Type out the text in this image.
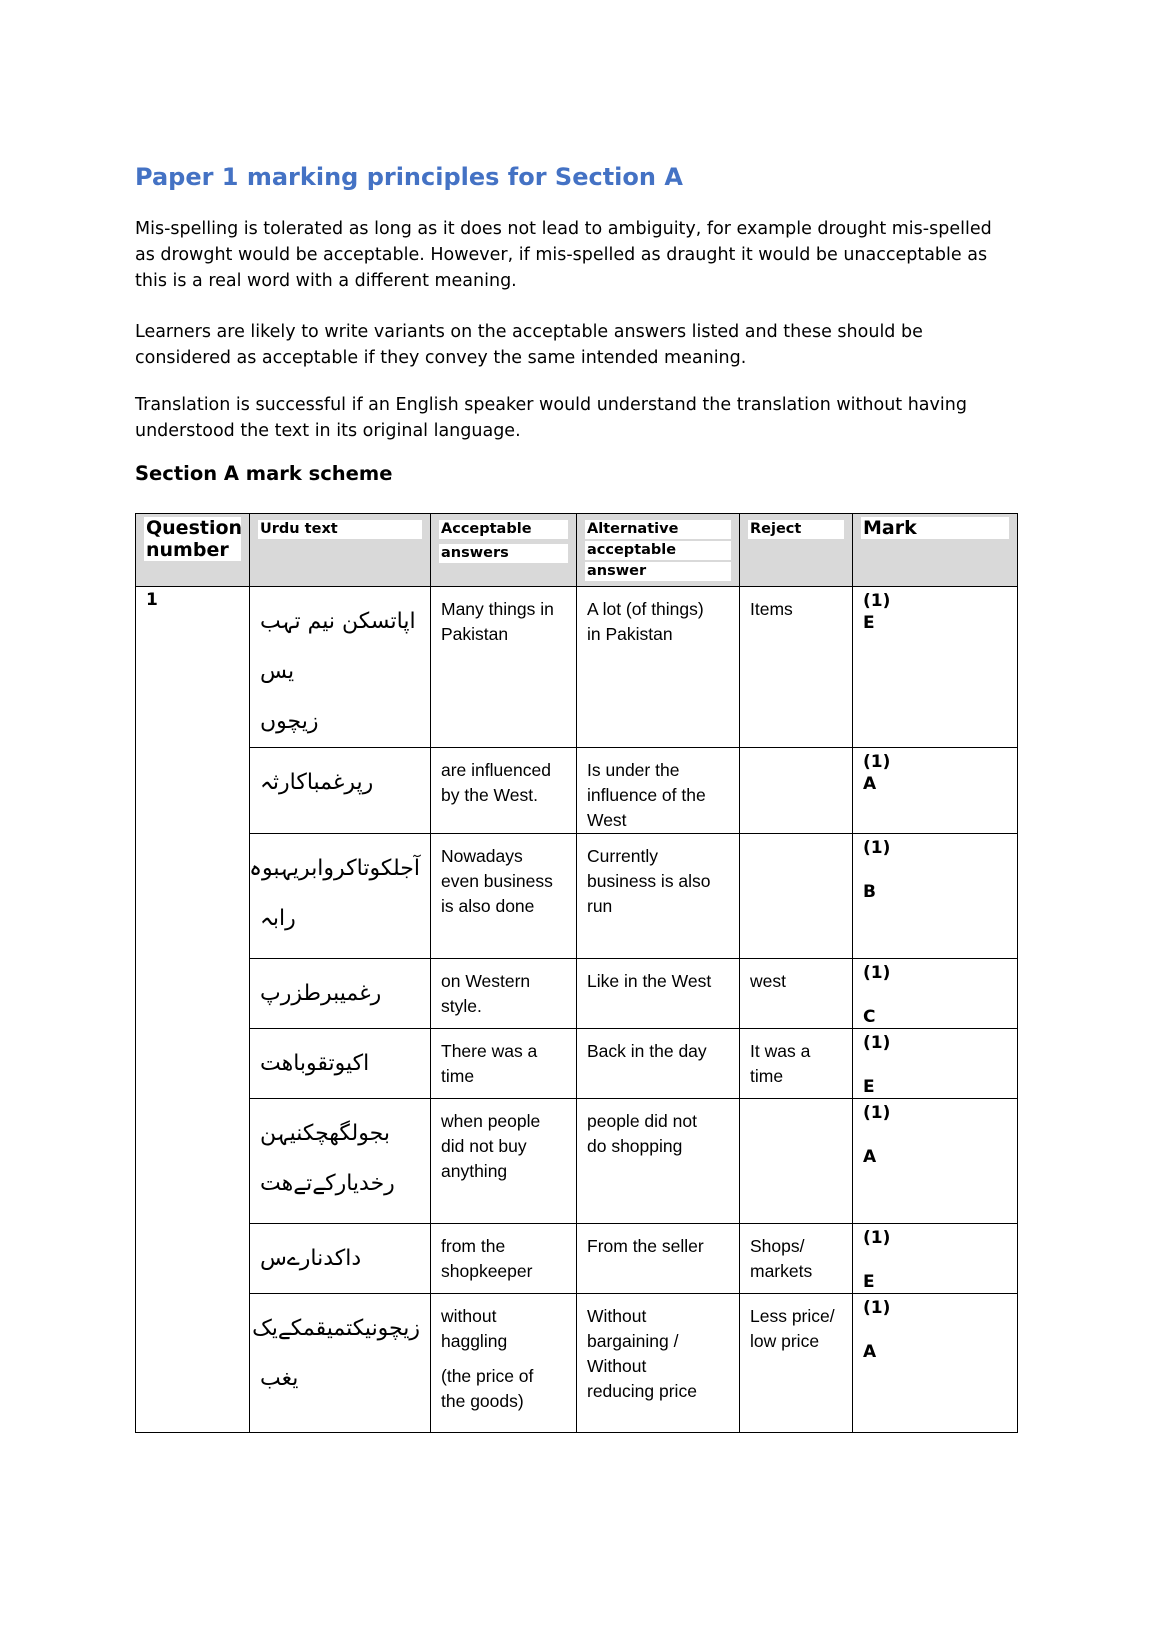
Paper 1 marking principles for Section A

Mis-spelling is tolerated as long as it does not lead to ambiguity, for example drought mis-spelled as drowght would be acceptable. However, if mis-spelled as draught it would be unacceptable as this is a real word with a different meaning.

Learners are likely to write variants on the acceptable answers listed and these should be considered as acceptable if they convey the same intended meaning.

Translation is successful if an English speaker would understand the translation without having understood the text in its original language.

Section A mark scheme
Question
number	Urdu text	Acceptable
answers	Alternative
acceptable
answer	Reject	Mark

1	اپاتسکن نیم تہب یس
زیچوں	Many things in
Pakistan	A lot (of things)
in Pakistan	Items	(1)
E

	رپرغمباکارثہ	are influenced
by the West.	Is under the
influence of the
West		(1)
A

	آجلکوتاکروابریہبوہ رابہ	Nowadays
even business
is also done	Currently
business is also
run		(1)
B

	رغمیبرطزرپ	on Western
style.	Like in the West	west	(1)
C

	اکیوتقوباھت	There was a
time	Back in the day	It was a
time	(1)
E

	بجولگھچکنیہن
رخدیارکےتےھت	when people
did not buy
anything	people did not
do shopping		(1)
A

	داکدنارےس	from the
shopkeeper	From the seller	Shops/
markets	(1)
E

	زیچونیکتمیقمکےیک یغب	without
haggling
(the price of
the goods)	Without
bargaining /
Without
reducing price	Less price/
low price	(1)
A
